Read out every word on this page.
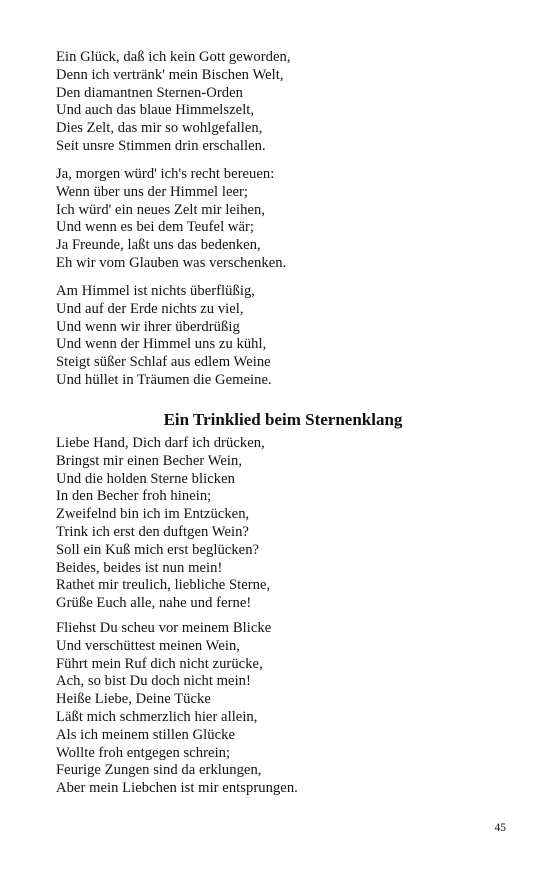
Ein Glück, daß ich kein Gott geworden,
Denn ich vertränk' mein Bischen Welt,
Den diamantnen Sternen-Orden
Und auch das blaue Himmelszelt,
Dies Zelt, das mir so wohlgefallen,
Seit unsre Stimmen drin erschallen.
Ja, morgen würd' ich's recht bereuen:
Wenn über uns der Himmel leer;
Ich würd' ein neues Zelt mir leihen,
Und wenn es bei dem Teufel wär;
Ja Freunde, laßt uns das bedenken,
Eh wir vom Glauben was verschenken.
Am Himmel ist nichts überflüßig,
Und auf der Erde nichts zu viel,
Und wenn wir ihrer überdrüßig
Und wenn der Himmel uns zu kühl,
Steigt süßer Schlaf aus edlem Weine
Und hüllet in Träumen die Gemeine.
Ein Trinklied beim Sternenklang
Liebe Hand, Dich darf ich drücken,
Bringst mir einen Becher Wein,
Und die holden Sterne blicken
In den Becher froh hinein;
Zweifelnd bin ich im Entzücken,
Trink ich erst den duftgen Wein?
Soll ein Kuß mich erst beglücken?
Beides, beides ist nun mein!
Rathet mir treulich, liebliche Sterne,
Grüße Euch alle, nahe und ferne!
Fliehst Du scheu vor meinem Blicke
Und verschüttest meinen Wein,
Führt mein Ruf dich nicht zurücke,
Ach, so bist Du doch nicht mein!
Heiße Liebe, Deine Tücke
Läßt mich schmerzlich hier allein,
Als ich meinem stillen Glücke
Wollte froh entgegen schrein;
Feurige Zungen sind da erklungen,
Aber mein Liebchen ist mir entsprungen.
45
